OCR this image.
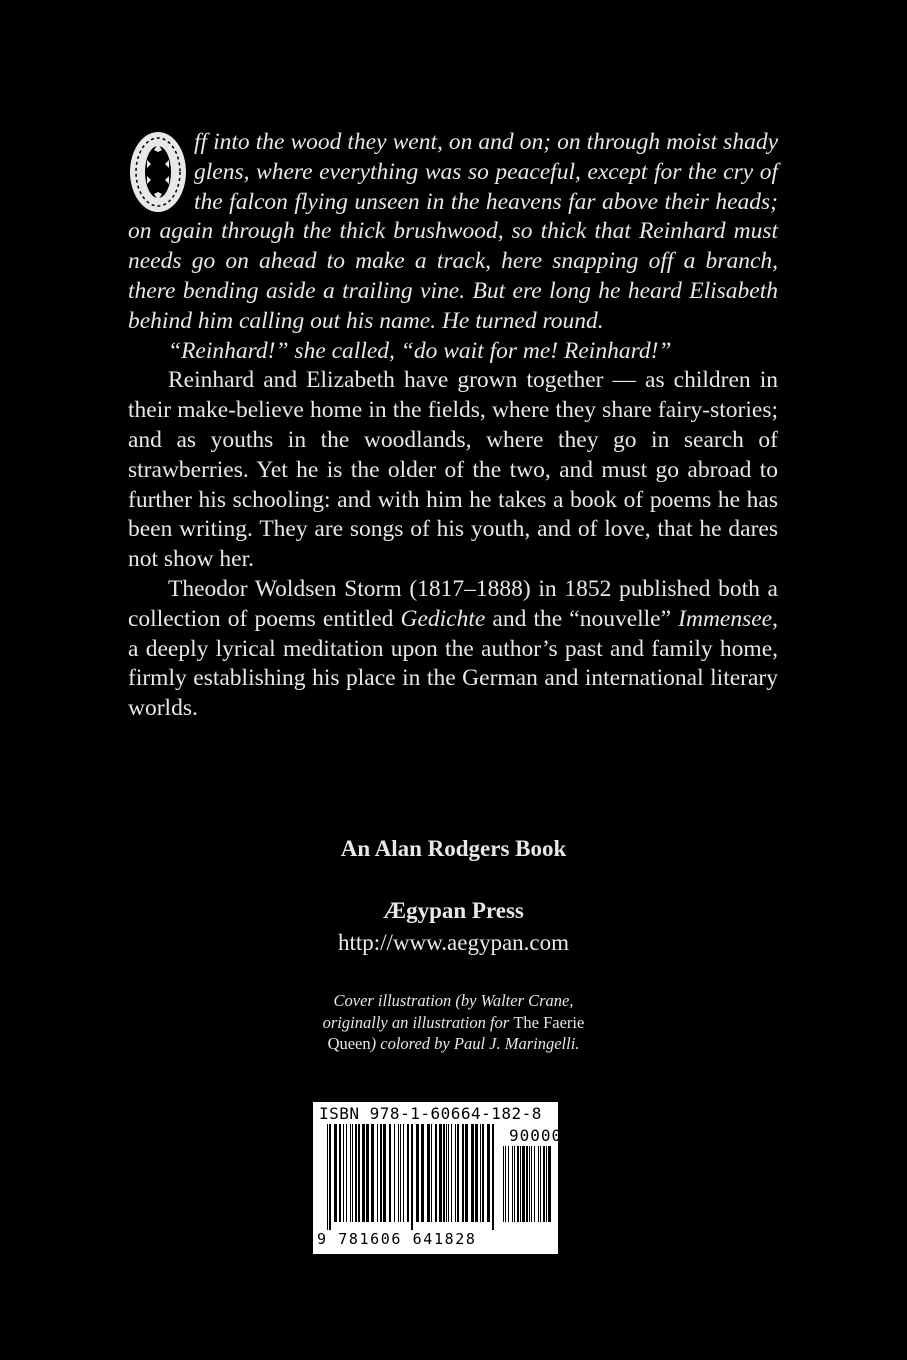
ff into the wood they went, on and on; on through moist shady glens, where everything was so peaceful, except for the cry of the falcon flying unseen in the heavens far above their heads; on again through the thick brushwood, so thick that Reinhard must needs go on ahead to make a track, here snapping off a branch, there bending aside a trailing vine. But ere long he heard Elisabeth behind him calling out his name. He turned round.

“Reinhard!” she called, “do wait for me! Reinhard!”

Reinhard and Elizabeth have grown together — as children in their make-believe home in the fields, where they share fairy-stories; and as youths in the woodlands, where they go in search of strawberries. Yet he is the older of the two, and must go abroad to further his schooling: and with him he takes a book of poems he has been writing. They are songs of his youth, and of love, that he dares not show her.

Theodor Woldsen Storm (1817–1888) in 1852 published both a collection of poems entitled Gedichte and the “nouvelle” Immensee, a deeply lyrical meditation upon the author’s past and family home, firmly establishing his place in the German and international literary worlds.

An Alan Rodgers Book
Ægypan Press
http://www.aegypan.com
Cover illustration (by Walter Crane,
originally an illustration for The Faerie
Queen) colored by Paul J. Maringelli.
ISBN 978-1-60664-182-8
90000
9 781606 641828
